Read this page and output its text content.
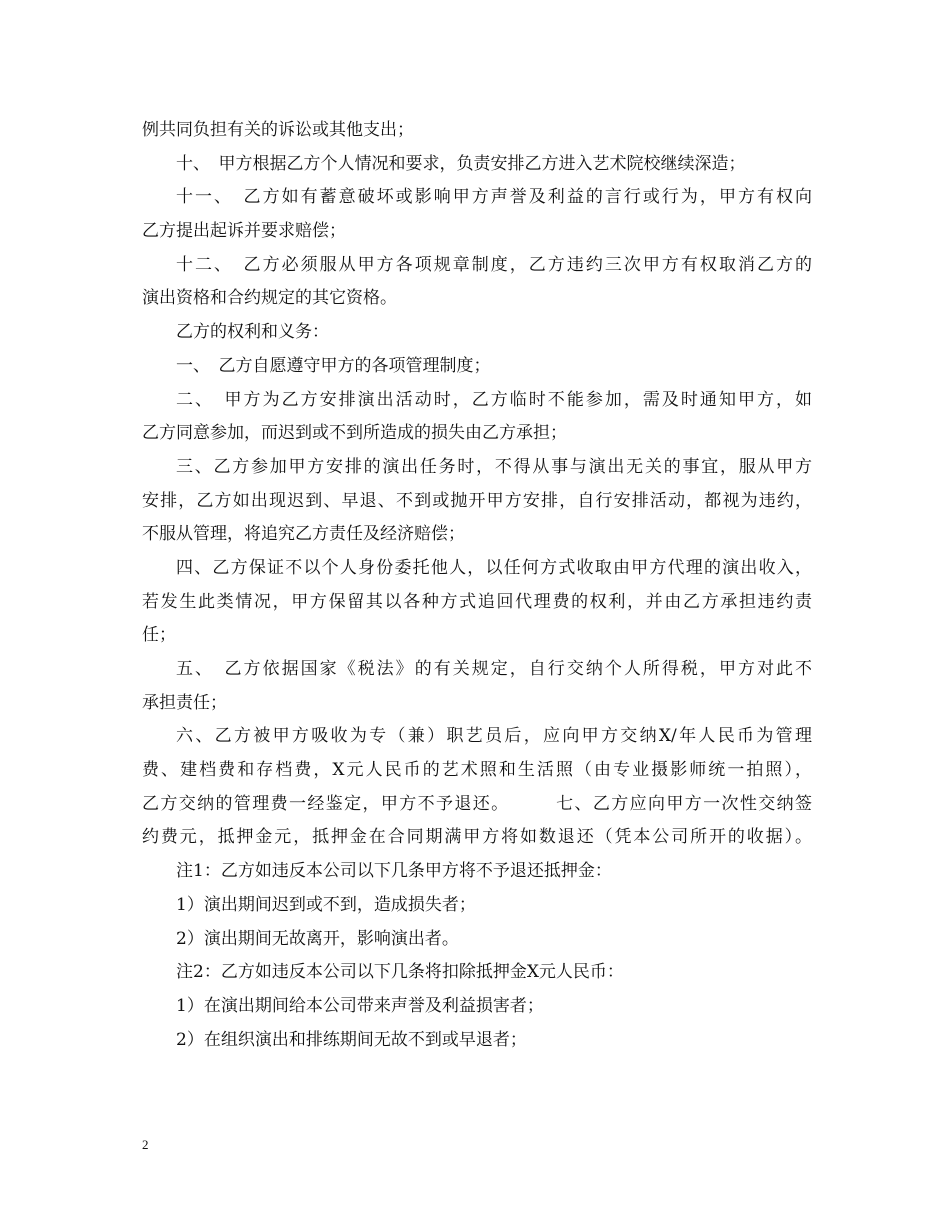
例共同负担有关的诉讼或其他支出；
十、　甲方根据乙方个人情况和要求，负责安排乙方进入艺术院校继续深造；
十一、　乙方如有蓄意破坏或影响甲方声誉及利益的言行或行为，甲方有权向
乙方提出起诉并要求赔偿；
十二、　乙方必须服从甲方各项规章制度，乙方违约三次甲方有权取消乙方的
演出资格和合约规定的其它资格。
乙方的权利和义务：
一、　乙方自愿遵守甲方的各项管理制度；
二、　甲方为乙方安排演出活动时，乙方临时不能参加，需及时通知甲方，如
乙方同意参加，而迟到或不到所造成的损失由乙方承担；
三、乙方参加甲方安排的演出任务时，不得从事与演出无关的事宜，服从甲方
安排，乙方如出现迟到、早退、不到或抛开甲方安排，自行安排活动，都视为违约，
不服从管理，将追究乙方责任及经济赔偿；
四、乙方保证不以个人身份委托他人，以任何方式收取由甲方代理的演出收入，
若发生此类情况，甲方保留其以各种方式追回代理费的权利，并由乙方承担违约责
任；
五、　乙方依据国家《税法》的有关规定，自行交纳个人所得税，甲方对此不
承担责任；
六、乙方被甲方吸收为专（兼）职艺员后，应向甲方交纳X/年人民币为管理
费、建档费和存档费，X元人民币的艺术照和生活照（由专业摄影师统一拍照），
乙方交纳的管理费一经鉴定，甲方不予退还。　　　七、乙方应向甲方一次性交纳签
约费元，抵押金元，抵押金在合同期满甲方将如数退还（凭本公司所开的收据）。
注1：乙方如违反本公司以下几条甲方将不予退还抵押金：
1）演出期间迟到或不到，造成损失者；
2）演出期间无故离开，影响演出者。
注2：乙方如违反本公司以下几条将扣除抵押金X元人民币：
1）在演出期间给本公司带来声誉及利益损害者；
2）在组织演出和排练期间无故不到或早退者；
2
